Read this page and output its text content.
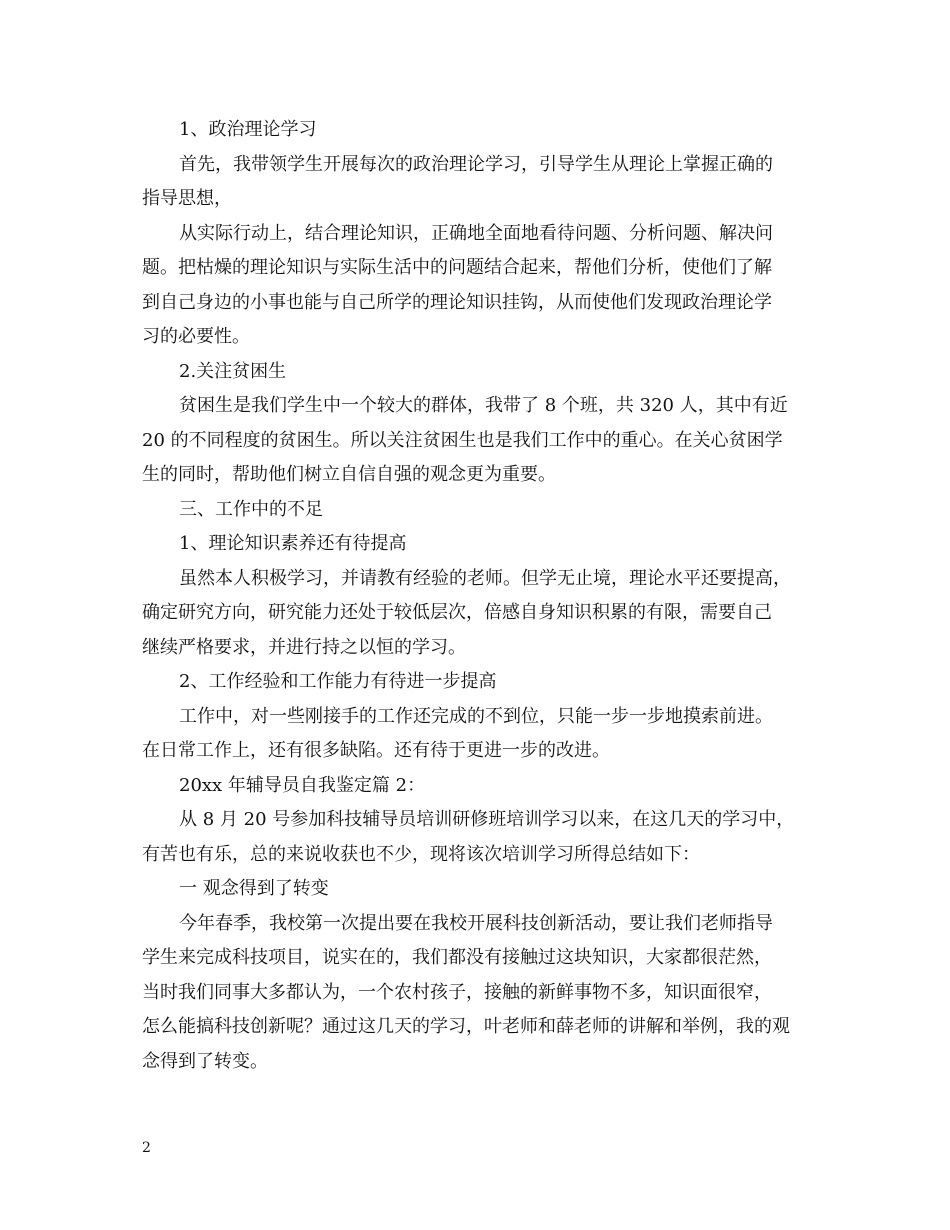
1、政治理论学习
首先，我带领学生开展每次的政治理论学习，引导学生从理论上掌握正确的
指导思想，
从实际行动上，结合理论知识，正确地全面地看待问题、分析问题、解决问
题。把枯燥的理论知识与实际生活中的问题结合起来，帮他们分析，使他们了解
到自己身边的小事也能与自己所学的理论知识挂钩，从而使他们发现政治理论学
习的必要性。
2.关注贫困生
贫困生是我们学生中一个较大的群体，我带了 8 个班，共 320 人，其中有近
20 的不同程度的贫困生。所以关注贫困生也是我们工作中的重心。在关心贫困学
生的同时，帮助他们树立自信自强的观念更为重要。
三、工作中的不足
1、理论知识素养还有待提高
虽然本人积极学习，并请教有经验的老师。但学无止境，理论水平还要提高，
确定研究方向，研究能力还处于较低层次，倍感自身知识积累的有限，需要自己
继续严格要求，并进行持之以恒的学习。
2、工作经验和工作能力有待进一步提高
工作中，对一些刚接手的工作还完成的不到位，只能一步一步地摸索前进。
在日常工作上，还有很多缺陷。还有待于更进一步的改进。
20xx 年辅导员自我鉴定篇 2：
从 8 月 20 号参加科技辅导员培训研修班培训学习以来，在这几天的学习中，
有苦也有乐，总的来说收获也不少，现将该次培训学习所得总结如下：
一 观念得到了转变
今年春季，我校第一次提出要在我校开展科技创新活动，要让我们老师指导
学生来完成科技项目，说实在的，我们都没有接触过这块知识，大家都很茫然，
当时我们同事大多都认为，一个农村孩子，接触的新鲜事物不多，知识面很窄，
怎么能搞科技创新呢？通过这几天的学习，叶老师和薛老师的讲解和举例，我的观
念得到了转变。
2
